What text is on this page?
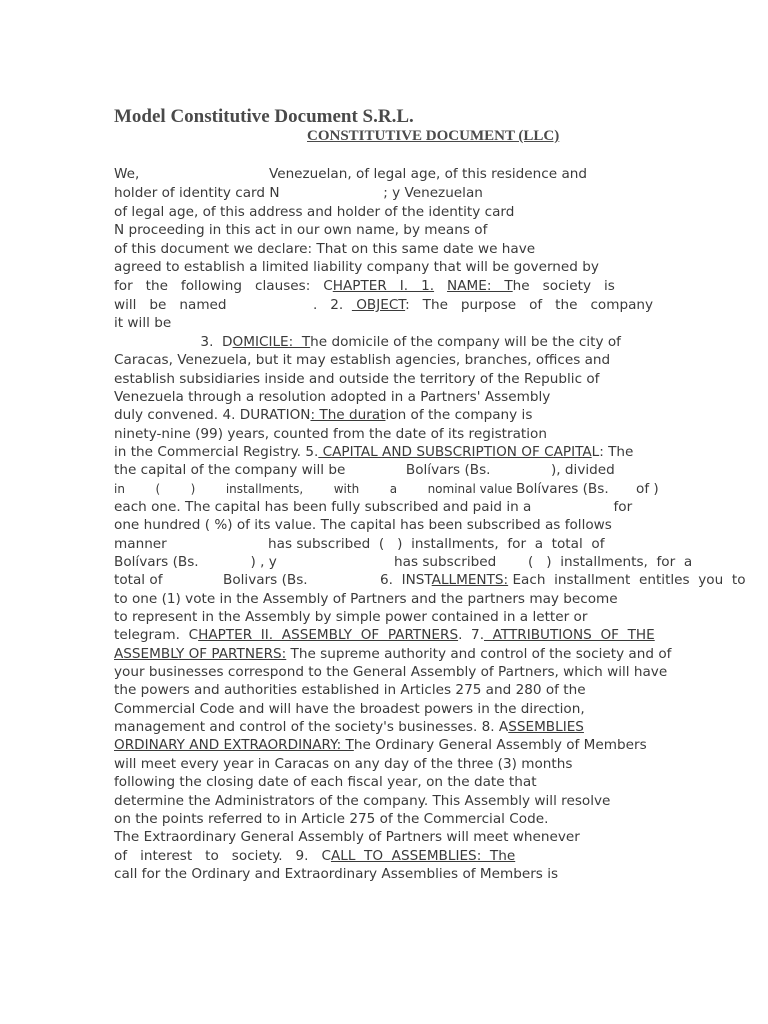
Model Constitutive Document S.R.L.
CONSTITUTIVE DOCUMENT (LLC)
We,                              Venezuelan, of legal age, of this residence and
holder of identity card N                        ; y Venezuelan
of legal age, of this address and holder of the identity card
N proceeding in this act in our own name, by means of
of this document we declare: That on this same date we have
agreed to establish a limited liability company that will be governed by
for   the   following   clauses:   CHAPTER   I.   1. NAME:   The   society   is
will   be   named                    .   2.   OBJECT:   The   purpose   of   the   company
it will be
3.  DOMICILE:  The domicile of the company will be the city of
Caracas, Venezuela, but it may establish agencies, branches, offices and
establish subsidiaries inside and outside the territory of the Republic of
Venezuela through a resolution adopted in a Partners' Assembly
duly convened. 4. DURATION: The duration of the company is
ninety-nine (99) years, counted from the date of its registration
in the Commercial Registry. 5. CAPITAL AND SUBSCRIPTION OF CAPITAL: The
the capital of the company will be              Bolívars (Bs.              ), divided
in        (        )        installments,        with        a        nominal value Bolívares (Bs. of )
each one. The capital has been fully subscribed and paid in a                   for
one hundred ( %) of its value. The capital has been subscribed as follows
manner	has subscribed  (   )  installments,  for  a  total  of
Bolívars (Bs.            ) , y	has subscribed (   )  installments,  for  a
total of              Bolivars (Bs.	6.  INSTALLMENTS: Each  installment  entitles  you  to
to one (1) vote in the Assembly of Partners and the partners may become
to represent in the Assembly by simple power contained in a letter or
telegram.  CHAPTER  II.  ASSEMBLY  OF  PARTNERS.  7.  ATTRIBUTIONS  OF  THE
ASSEMBLY OF PARTNERS: The supreme authority and control of the society and of
your businesses correspond to the General Assembly of Partners, which will have
the powers and authorities established in Articles 275 and 280 of the
Commercial Code and will have the broadest powers in the direction,
management and control of the society's businesses. 8. ASSEMBLIES
ORDINARY AND EXTRAORDINARY: The Ordinary General Assembly of Members
will meet every year in Caracas on any day of the three (3) months
following the closing date of each fiscal year, on the date that
determine the Administrators of the company. This Assembly will resolve
on the points referred to in Article 275 of the Commercial Code.
The Extraordinary General Assembly of Partners will meet whenever
of   interest   to   society.   9.   CALL  TO  ASSEMBLIES:  The
call for the Ordinary and Extraordinary Assemblies of Members is
